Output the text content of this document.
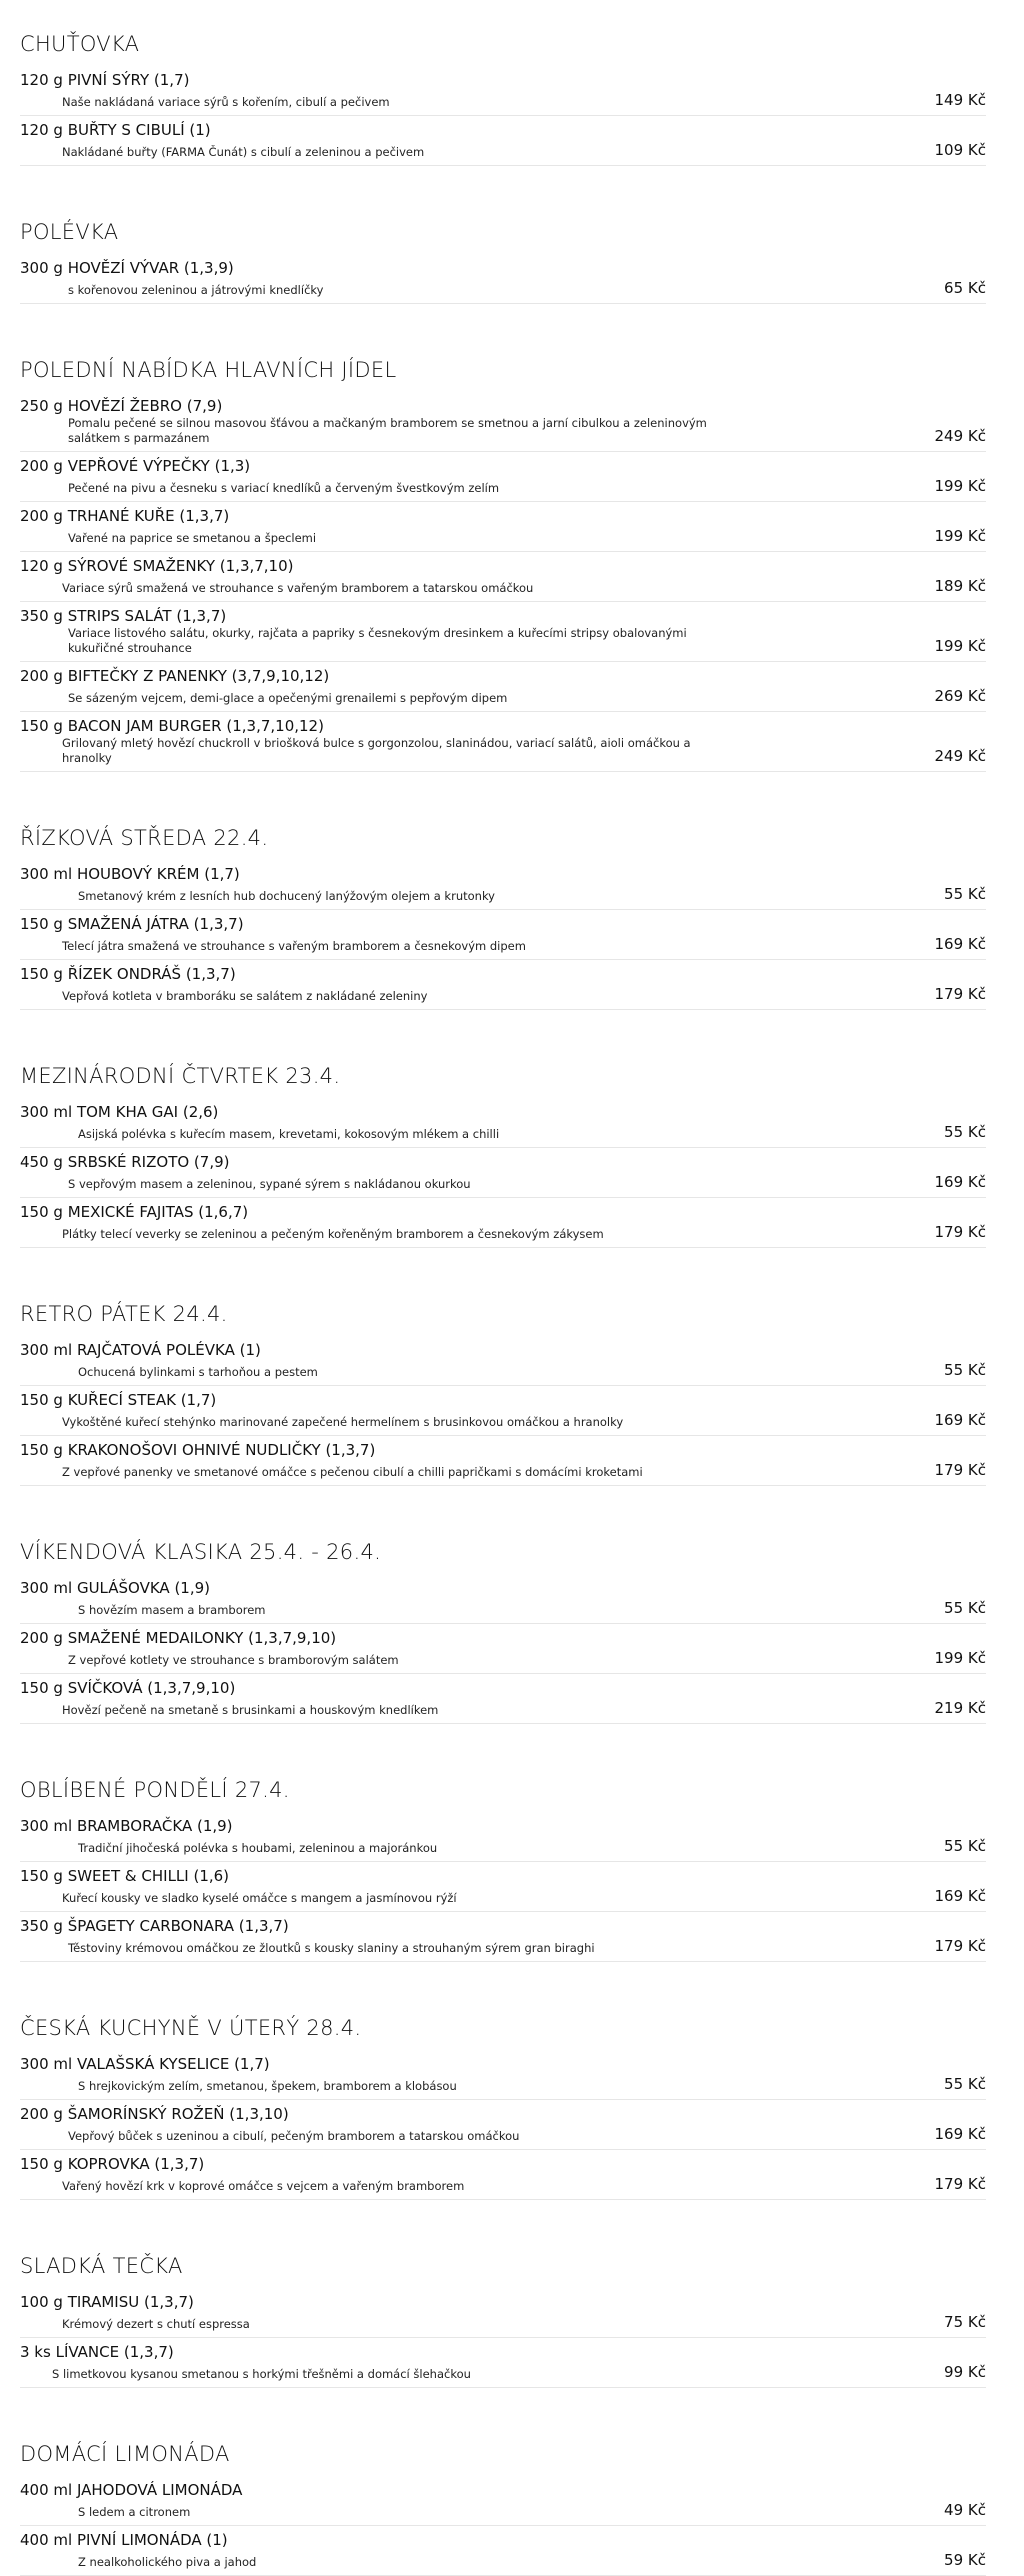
CHUŤOVKA
120 g PIVNÍ SÝRY (1,7)
Naše nakládaná variace sýrů s kořením, cibulí a pečivem	149 Kč
120 g BUŘTY S CIBULÍ (1)
Nakládané buřty (FARMA Čunát) s cibulí a zeleninou a pečivem	109 Kč
POLÉVKA
300 g HOVĚZÍ VÝVAR (1,3,9)
s kořenovou zeleninou a játrovými knedlíčky	65 Kč
POLEDNÍ NABÍDKA HLAVNÍCH JÍDEL
250 g HOVĚZÍ ŽEBRO (7,9)
Pomalu pečené se silnou masovou šťávou a mačkaným bramborem se smetnou a jarní cibulkou a zeleninovým salátkem s parmazánem	249 Kč
200 g VEPŘOVÉ VÝPEČKY (1,3)
Pečené na pivu a česneku s variací knedlíků a červeným švestkovým zelím	199 Kč
200 g TRHANÉ KUŘE (1,3,7)
Vařené na paprice se smetanou a špeclemi	199 Kč
120 g SÝROVÉ SMAŽENKY (1,3,7,10)
Variace sýrů smažená ve strouhance s vařeným bramborem a tatarskou omáčkou	189 Kč
350 g STRIPS SALÁT (1,3,7)
Variace listového salátu, okurky, rajčata a papriky s česnekovým dresinkem a kuřecími stripsy obalovanými kukuřičné strouhance	199 Kč
200 g BIFTEČKY Z PANENKY (3,7,9,10,12)
Se sázeným vejcem, demi-glace a opečenými grenailemi s pepřovým dipem	269 Kč
150 g BACON JAM BURGER (1,3,7,10,12)
Grilovaný mletý hovězí chuckroll v briošková bulce s gorgonzolou, slaninádou, variací salátů, aioli omáčkou a hranolky	249 Kč
ŘÍZKOVÁ STŘEDA 22.4.
300 ml HOUBOVÝ KRÉM (1,7)
Smetanový krém z lesních hub dochucený lanýžovým olejem a krutonky	55 Kč
150 g SMAŽENÁ JÁTRA (1,3,7)
Telecí játra smažená ve strouhance s vařeným bramborem a česnekovým dipem	169 Kč
150 g ŘÍZEK ONDRÁŠ (1,3,7)
Vepřová kotleta v bramboráku se salátem z nakládané zeleniny	179 Kč
MEZINÁRODNÍ ČTVRTEK 23.4.
300 ml TOM KHA GAI (2,6)
Asijská polévka s kuřecím masem, krevetami, kokosovým mlékem a chilli	55 Kč
450 g SRBSKÉ RIZOTO (7,9)
S vepřovým masem a zeleninou, sypané sýrem s nakládanou okurkou	169 Kč
150 g MEXICKÉ FAJITAS (1,6,7)
Plátky telecí veverky se zeleninou a pečeným kořeněným bramborem a česnekovým zákysem	179 Kč
RETRO PÁTEK 24.4.
300 ml RAJČATOVÁ POLÉVKA (1)
Ochucená bylinkami s tarhoňou a pestem	55 Kč
150 g KUŘECÍ STEAK (1,7)
Vykoštěné kuřecí stehýnko marinované zapečené hermelínem s brusinkovou omáčkou a hranolky	169 Kč
150 g KRAKONOŠOVI OHNIVÉ NUDLIČKY (1,3,7)
Z vepřové panenky ve smetanové omáčce s pečenou cibulí a chilli papričkami s domácími kroketami	179 Kč
VÍKENDOVÁ KLASIKA 25.4. - 26.4.
300 ml GULÁŠOVKA (1,9)
S hovězím masem a bramborem	55 Kč
200 g SMAŽENÉ MEDAILONKY (1,3,7,9,10)
Z vepřové kotlety ve strouhance s bramborovým salátem	199 Kč
150 g SVÍČKOVÁ (1,3,7,9,10)
Hovězí pečeně na smetaně s brusinkami a houskovým knedlíkem	219 Kč
OBLÍBENÉ PONDĚLÍ 27.4.
300 ml BRAMBORAČKA (1,9)
Tradiční jihočeská polévka s houbami, zeleninou a majoránkou	55 Kč
150 g SWEET & CHILLI (1,6)
Kuřecí kousky ve sladko kyselé omáčce s mangem a jasmínovou rýží	169 Kč
350 g ŠPAGETY CARBONARA (1,3,7)
Těstoviny krémovou omáčkou ze žloutků s kousky slaniny a strouhaným sýrem gran biraghi	179 Kč
ČESKÁ KUCHYNĚ V ÚTERÝ 28.4.
300 ml VALAŠSKÁ KYSELICE (1,7)
S hrejkovickým zelím, smetanou, špekem, bramborem a klobásou	55 Kč
200 g ŠAMORÍNSKÝ ROŽEŇ (1,3,10)
Vepřový bůček s uzeninou a cibulí, pečeným bramborem a tatarskou omáčkou	169 Kč
150 g KOPROVKA (1,3,7)
Vařený hovězí krk v koprové omáčce s vejcem a vařeným bramborem	179 Kč
SLADKÁ TEČKA
100 g TIRAMISU (1,3,7)
Krémový dezert s chutí espressa	75 Kč
3 ks LÍVANCE (1,3,7)
S limetkovou kysanou smetanou s horkými třešněmi a domácí šlehačkou	99 Kč
DOMÁCÍ LIMONÁDA
400 ml JAHODOVÁ LIMONÁDA
S ledem a citronem	49 Kč
400 ml PIVNÍ LIMONÁDA (1)
Z nealkoholického piva a jahod	59 Kč
